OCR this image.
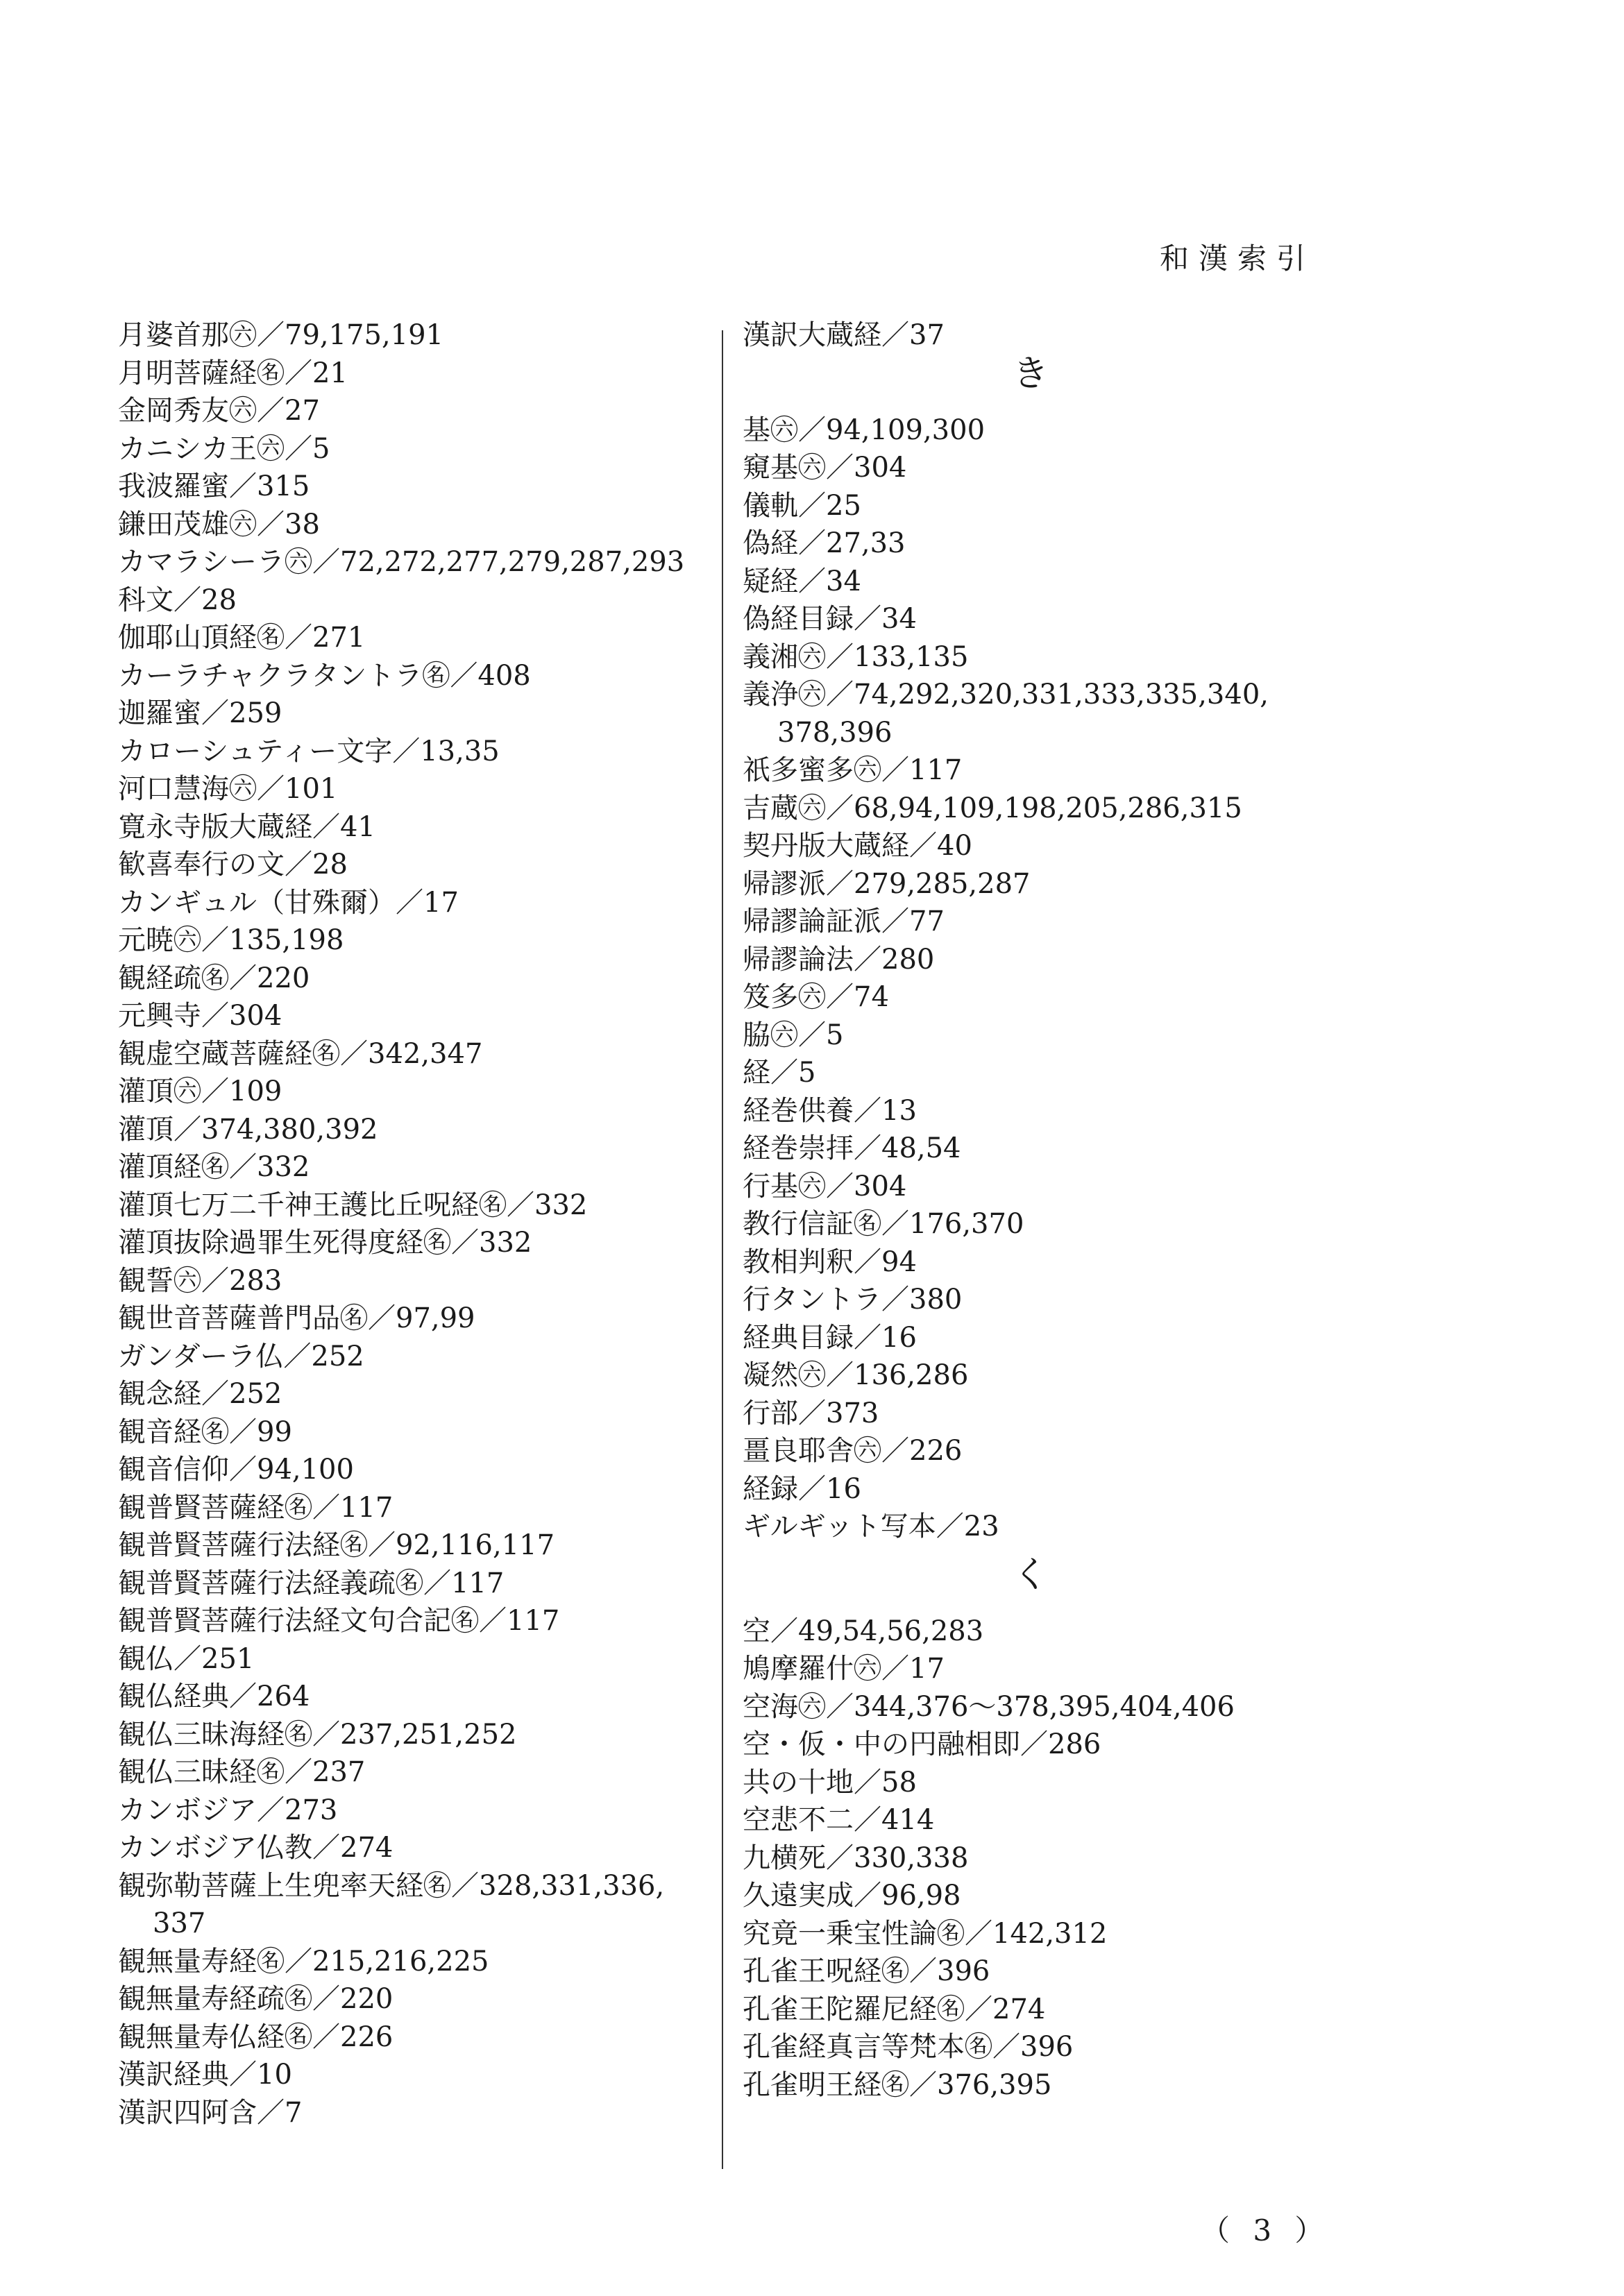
和漢索引
月婆首那㊅／79,175,191
月明菩薩経㊔／21
金岡秀友㊅／27
カニシカ王㊅／5
我波羅蜜／315
鎌田茂雄㊅／38
カマラシーラ㊅／72,272,277,279,287,293
科文／28
伽耶山頂経㊔／271
カーラチャクラタントラ㊔／408
迦羅蜜／259
カローシュティー文字／13,35
河口慧海㊅／101
寛永寺版大蔵経／41
歓喜奉行の文／28
カンギュル（甘殊爾）／17
元暁㊅／135,198
観経疏㊔／220
元興寺／304
観虚空蔵菩薩経㊔／342,347
灌頂㊅／109
灌頂／374,380,392
灌頂経㊔／332
灌頂七万二千神王護比丘呪経㊔／332
灌頂抜除過罪生死得度経㊔／332
観誓㊅／283
観世音菩薩普門品㊔／97,99
ガンダーラ仏／252
観念経／252
観音経㊔／99
観音信仰／94,100
観普賢菩薩経㊔／117
観普賢菩薩行法経㊔／92,116,117
観普賢菩薩行法経義疏㊔／117
観普賢菩薩行法経文句合記㊔／117
観仏／251
観仏経典／264
観仏三昧海経㊔／237,251,252
観仏三昧経㊔／237
カンボジア／273
カンボジア仏教／274
観弥勒菩薩上生兜率天経㊔／328,331,336,
337
観無量寿経㊔／215,216,225
観無量寿経疏㊔／220
観無量寿仏経㊔／226
漢訳経典／10
漢訳四阿含／7
漢訳大蔵経／37
き
基㊅／94,109,300
窺基㊅／304
儀軌／25
偽経／27,33
疑経／34
偽経目録／34
義湘㊅／133,135
義浄㊅／74,292,320,331,333,335,340,
378,396
祇多蜜多㊅／117
吉蔵㊅／68,94,109,198,205,286,315
契丹版大蔵経／40
帰謬派／279,285,287
帰謬論証派／77
帰謬論法／280
笈多㊅／74
脇㊅／5
経／5
経巻供養／13
経巻崇拝／48,54
行基㊅／304
教行信証㊔／176,370
教相判釈／94
行タントラ／380
経典目録／16
凝然㊅／136,286
行部／373
畺良耶舎㊅／226
経録／16
ギルギット写本／23
く
空／49,54,56,283
鳩摩羅什㊅／17
空海㊅／344,376～378,395,404,406
空・仮・中の円融相即／286
共の十地／58
空悲不二／414
九横死／330,338
久遠実成／96,98
究竟一乗宝性論㊔／142,312
孔雀王呪経㊔／396
孔雀王陀羅尼経㊔／274
孔雀経真言等梵本㊔／396
孔雀明王経㊔／376,395
（ 3 ）
